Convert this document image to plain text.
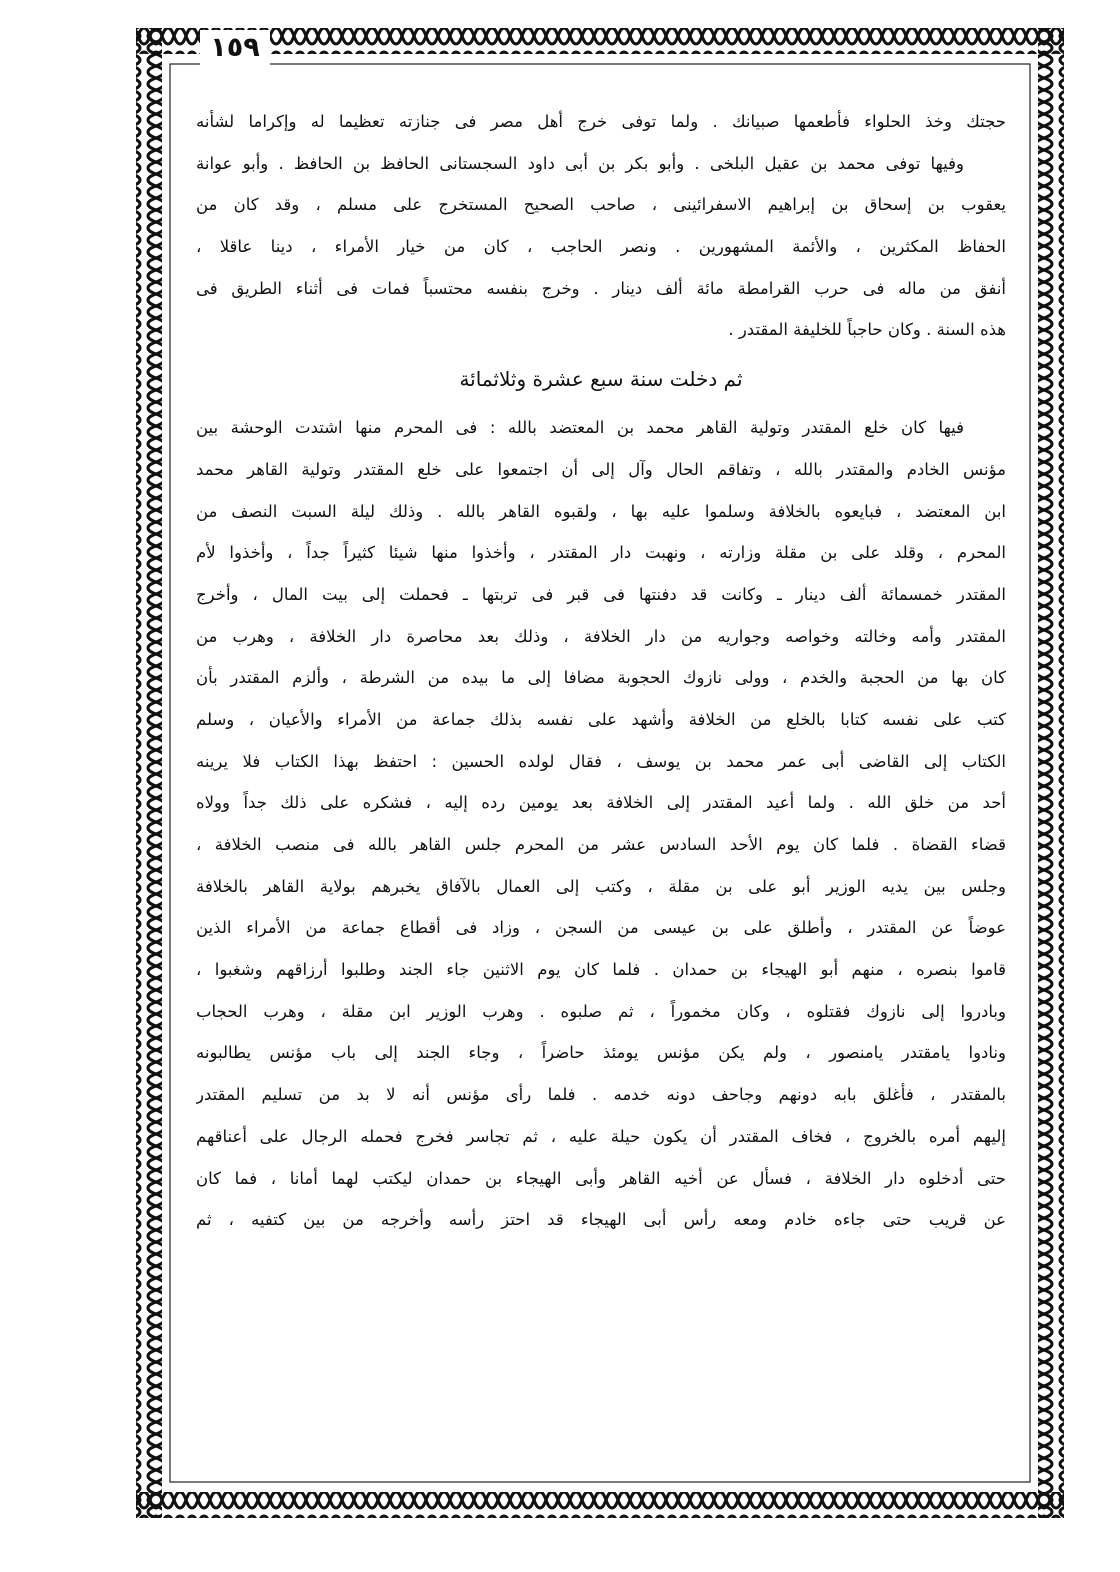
١٥٩
حجتك وخذ الحلواء فأطعمها صبيانك . ولما توفى خرج أهل مصر فى جنازته تعظيما له وإكراما لشأنه
وفيها توفى محمد بن عقيل البلخى . وأبو بكر بن أبى داود السجستانى الحافظ بن الحافظ . وأبو عوانة
يعقوب بن إسحاق بن إبراهيم الاسفرائينى ، صاحب الصحيح المستخرج على مسلم ، وقد كان من
الحفاظ المكثرين ، والأئمة المشهورين . ونصر الحاجب ، كان من خيار الأمراء ، دينا عاقلا ،
أنفق من ماله فى حرب القرامطة مائة ألف دينار . وخرج بنفسه محتسباً فمات فى أثناء الطريق فى
هذه السنة . وكان حاجباً للخليفة المقتدر .
ثم دخلت سنة سبع عشرة وثلاثمائة
فيها كان خلع المقتدر وتولية القاهر محمد بن المعتضد بالله : فى المحرم منها اشتدت الوحشة بين
مؤنس الخادم والمقتدر بالله ، وتفاقم الحال وآل إلى أن اجتمعوا على خلع المقتدر وتولية القاهر محمد
ابن المعتضد ، فبايعوه بالخلافة وسلموا عليه بها ، ولقبوه القاهر بالله . وذلك ليلة السبت النصف من
المحرم ، وقلد على بن مقلة وزارته ، ونهبت دار المقتدر ، وأخذوا منها شيئا كثيراً جداً ، وأخذوا لأم
المقتدر خمسمائة ألف دينار ـ وكانت قد دفنتها فى قبر فى تربتها ـ فحملت إلى بيت المال ، وأخرج
المقتدر وأمه وخالته وخواصه وجواريه من دار الخلافة ، وذلك بعد محاصرة دار الخلافة ، وهرب من
كان بها من الحجبة والخدم ، وولى نازوك الحجوبة مضافا إلى ما بيده من الشرطة ، وألزم المقتدر بأن
كتب على نفسه كتابا بالخلع من الخلافة وأشهد على نفسه بذلك جماعة من الأمراء والأعيان ، وسلم
الكتاب إلى القاضى أبى عمر محمد بن يوسف ، فقال لولده الحسين : احتفظ بهذا الكتاب فلا يرينه
أحد من خلق الله . ولما أعيد المقتدر إلى الخلافة بعد يومين رده إليه ، فشكره على ذلك جداً وولاه
قضاء القضاة . فلما كان يوم الأحد السادس عشر من المحرم جلس القاهر بالله فى منصب الخلافة ،
وجلس بين يديه الوزير أبو على بن مقلة ، وكتب إلى العمال بالآفاق يخبرهم بولاية القاهر بالخلافة
عوضاً عن المقتدر ، وأطلق على بن عيسى من السجن ، وزاد فى أقطاع جماعة من الأمراء الذين
قاموا بنصره ، منهم أبو الهيجاء بن حمدان . فلما كان يوم الاثنين جاء الجند وطلبوا أرزاقهم وشغبوا ،
وبادروا إلى نازوك فقتلوه ، وكان مخموراً ، ثم صلبوه . وهرب الوزير ابن مقلة ، وهرب الحجاب
ونادوا يامقتدر يامنصور ، ولم يكن مؤنس يومئذ حاضراً ، وجاء الجند إلى باب مؤنس يطالبونه
بالمقتدر ، فأغلق بابه دونهم وجاحف دونه خدمه . فلما رأى مؤنس أنه لا بد من تسليم المقتدر
إليهم أمره بالخروج ، فخاف المقتدر أن يكون حيلة عليه ، ثم تجاسر فخرج فحمله الرجال على أعناقهم
حتى أدخلوه دار الخلافة ، فسأل عن أخيه القاهر وأبى الهيجاء بن حمدان ليكتب لهما أمانا ، فما كان
عن قريب حتى جاءه خادم ومعه رأس أبى الهيجاء قد احتز رأسه وأخرجه من بين كتفيه ، ثم
